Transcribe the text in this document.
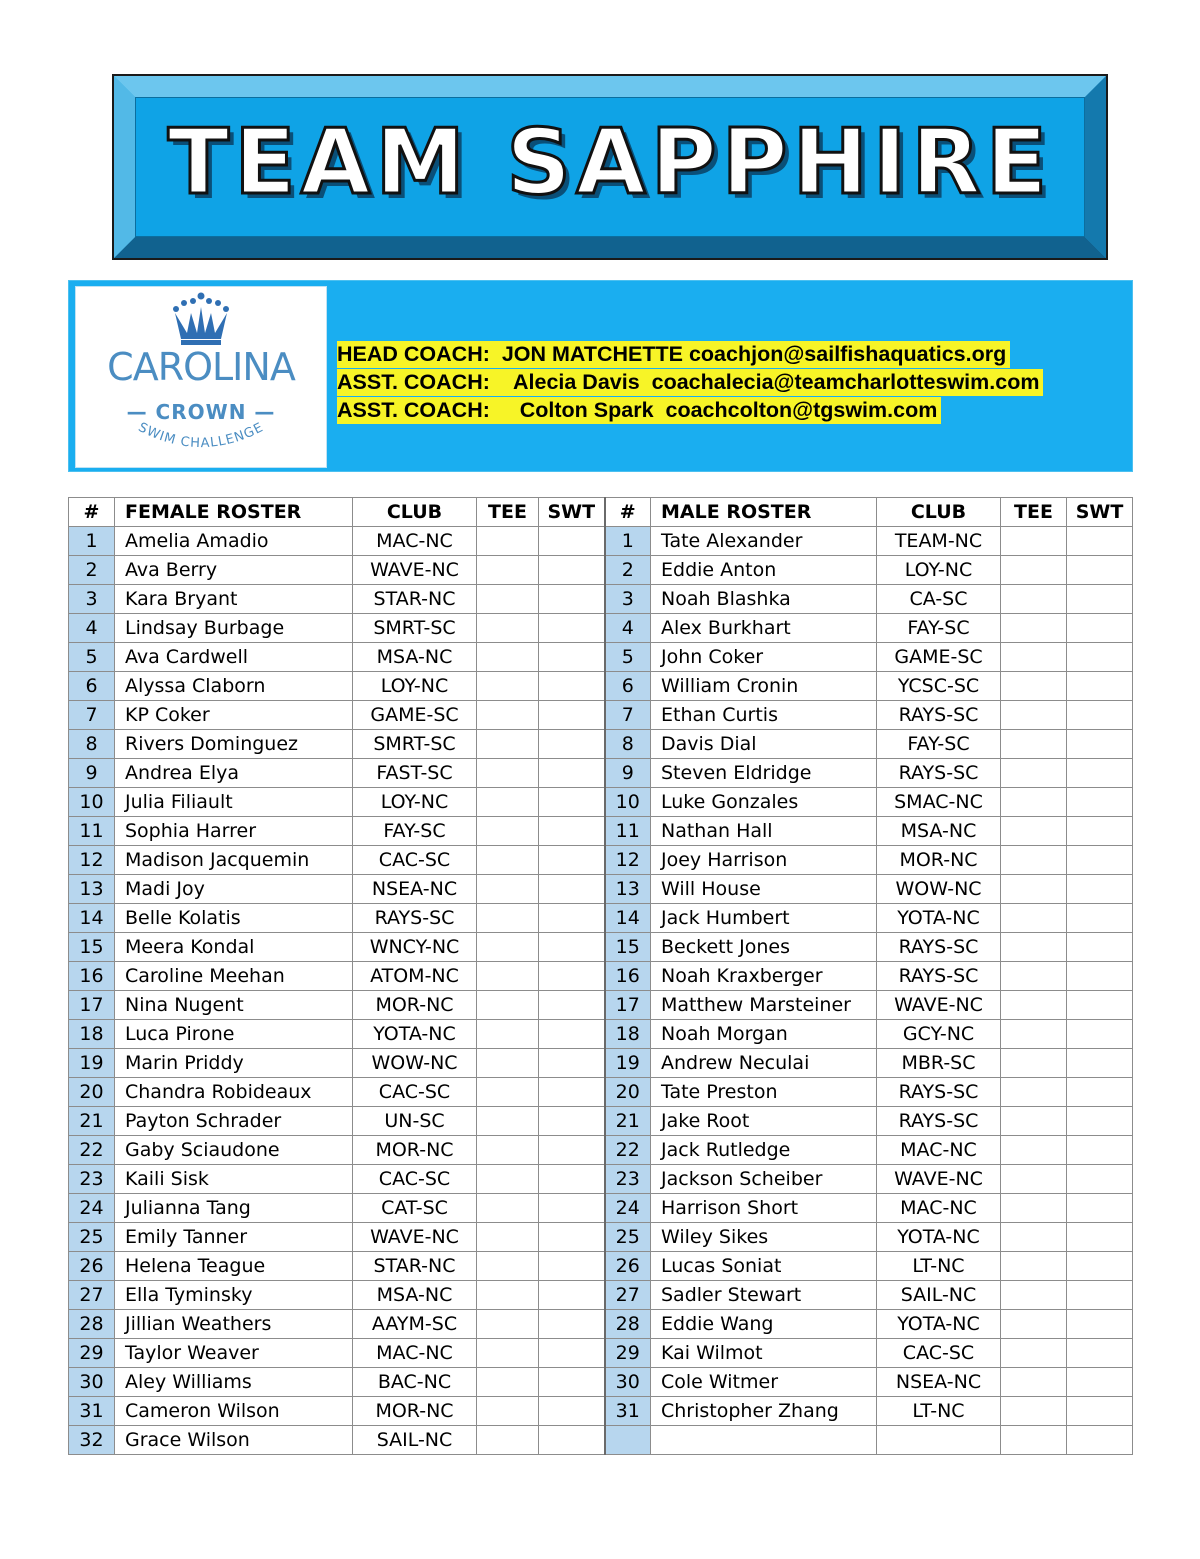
TEAM SAPPHIRE
CAROLINA
— CROWN —
SWIM CHALLENGE
HEAD COACH:  JON MATCHETTE coachjon@sailfishaquatics.org
ASST. COACH:    Alecia Davis  coachalecia@teamcharlotteswim.com
ASST. COACH:     Colton Spark  coachcolton@tgswim.com
#	FEMALE ROSTER	CLUB	TEE	SWT	#	MALE ROSTER	CLUB	TEE	SWT
1	Amelia Amadio	MAC-NC			1	Tate Alexander	TEAM-NC		
2	Ava Berry	WAVE-NC			2	Eddie Anton	LOY-NC		
3	Kara Bryant	STAR-NC			3	Noah Blashka	CA-SC		
4	Lindsay Burbage	SMRT-SC			4	Alex Burkhart	FAY-SC		
5	Ava Cardwell	MSA-NC			5	John Coker	GAME-SC		
6	Alyssa Claborn	LOY-NC			6	William Cronin	YCSC-SC		
7	KP Coker	GAME-SC			7	Ethan Curtis	RAYS-SC		
8	Rivers Dominguez	SMRT-SC			8	Davis Dial	FAY-SC		
9	Andrea Elya	FAST-SC			9	Steven Eldridge	RAYS-SC		
10	Julia Filiault	LOY-NC			10	Luke Gonzales	SMAC-NC		
11	Sophia Harrer	FAY-SC			11	Nathan Hall	MSA-NC		
12	Madison Jacquemin	CAC-SC			12	Joey Harrison	MOR-NC		
13	Madi Joy	NSEA-NC			13	Will House	WOW-NC		
14	Belle Kolatis	RAYS-SC			14	Jack Humbert	YOTA-NC		
15	Meera Kondal	WNCY-NC			15	Beckett Jones	RAYS-SC		
16	Caroline Meehan	ATOM-NC			16	Noah Kraxberger	RAYS-SC		
17	Nina Nugent	MOR-NC			17	Matthew Marsteiner	WAVE-NC		
18	Luca Pirone	YOTA-NC			18	Noah Morgan	GCY-NC		
19	Marin Priddy	WOW-NC			19	Andrew Neculai	MBR-SC		
20	Chandra Robideaux	CAC-SC			20	Tate Preston	RAYS-SC		
21	Payton Schrader	UN-SC			21	Jake Root	RAYS-SC		
22	Gaby Sciaudone	MOR-NC			22	Jack Rutledge	MAC-NC		
23	Kaili Sisk	CAC-SC			23	Jackson Scheiber	WAVE-NC		
24	Julianna Tang	CAT-SC			24	Harrison Short	MAC-NC		
25	Emily Tanner	WAVE-NC			25	Wiley Sikes	YOTA-NC		
26	Helena Teague	STAR-NC			26	Lucas Soniat	LT-NC		
27	Ella Tyminsky	MSA-NC			27	Sadler Stewart	SAIL-NC		
28	Jillian Weathers	AAYM-SC			28	Eddie Wang	YOTA-NC		
29	Taylor Weaver	MAC-NC			29	Kai Wilmot	CAC-SC		
30	Aley Williams	BAC-NC			30	Cole Witmer	NSEA-NC		
31	Cameron Wilson	MOR-NC			31	Christopher Zhang	LT-NC		
32	Grace Wilson	SAIL-NC							
